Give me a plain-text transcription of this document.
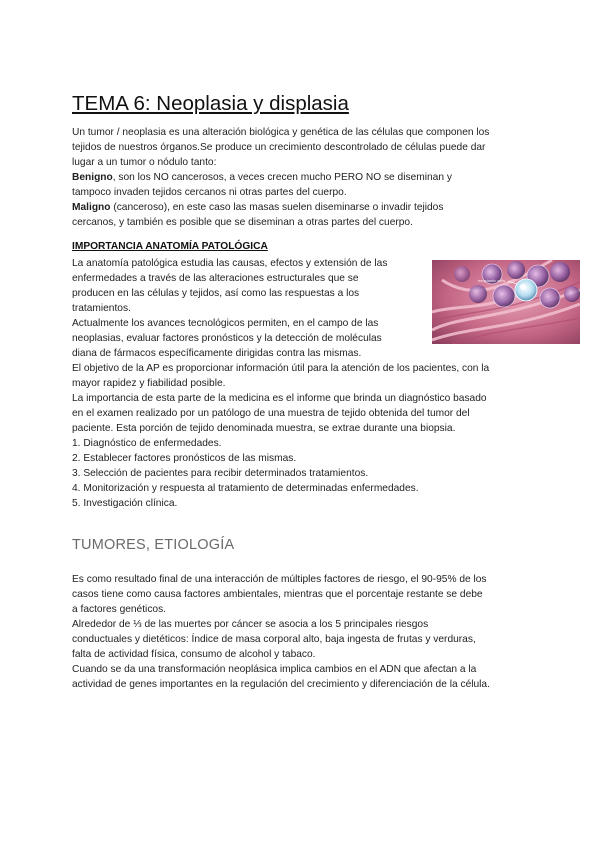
TEMA 6: Neoplasia y displasia
Un tumor / neoplasia es una alteración biológica y genética de las células que componen los
tejidos de nuestros órganos.Se produce un crecimiento descontrolado de células puede dar
lugar a un tumor o nódulo tanto:
Benigno, son los NO cancerosos, a veces crecen mucho PERO NO se diseminan y
tampoco invaden tejidos cercanos ni otras partes del cuerpo.
Maligno (canceroso), en este caso las masas suelen diseminarse o invadir tejidos
cercanos, y también es posible que se diseminan a otras partes del cuerpo.
IMPORTANCIA ANATOMÍA PATOLÓGICA
La anatomía patológica estudia las causas, efectos y extensión de las
enfermedades a través de las alteraciones estructurales que se
producen en las células y tejidos, así como las respuestas a los
tratamientos.
Actualmente los avances tecnológicos permiten, en el campo de las
neoplasias, evaluar factores pronósticos y la detección de moléculas
diana de fármacos específicamente dirigidas contra las mismas.
El objetivo de la AP es proporcionar información útil para la atención de los pacientes, con la
mayor rapidez y fiabilidad posible.
La importancia de esta parte de la medicina es el informe que brinda un diagnóstico basado
en el examen realizado por un patólogo de una muestra de tejido obtenida del tumor del
paciente. Esta porción de tejido denominada muestra, se extrae durante una biopsia.
1. Diagnóstico de enfermedades.
2. Establecer factores pronósticos de las mismas.
3. Selección de pacientes para recibir determinados tratamientos.
4. Monitorización y respuesta al tratamiento de determinadas enfermedades.
5. Investigación clínica.
neoplastic cells
TUMORES, ETIOLOGÍA
Es como resultado final de una interacción de múltiples factores de riesgo, el 90-95% de los
casos tiene como causa factores ambientales, mientras que el porcentaje restante se debe
a factores genéticos.
Alrededor de ⅓ de las muertes por cáncer se asocia a los 5 principales riesgos
conductuales y dietéticos: Índice de masa corporal alto, baja ingesta de frutas y verduras,
falta de actividad física, consumo de alcohol y tabaco.
Cuando se da una transformación neoplásica implica cambios en el ADN que afectan a la
actividad de genes importantes en la regulación del crecimiento y diferenciación de la célula.
